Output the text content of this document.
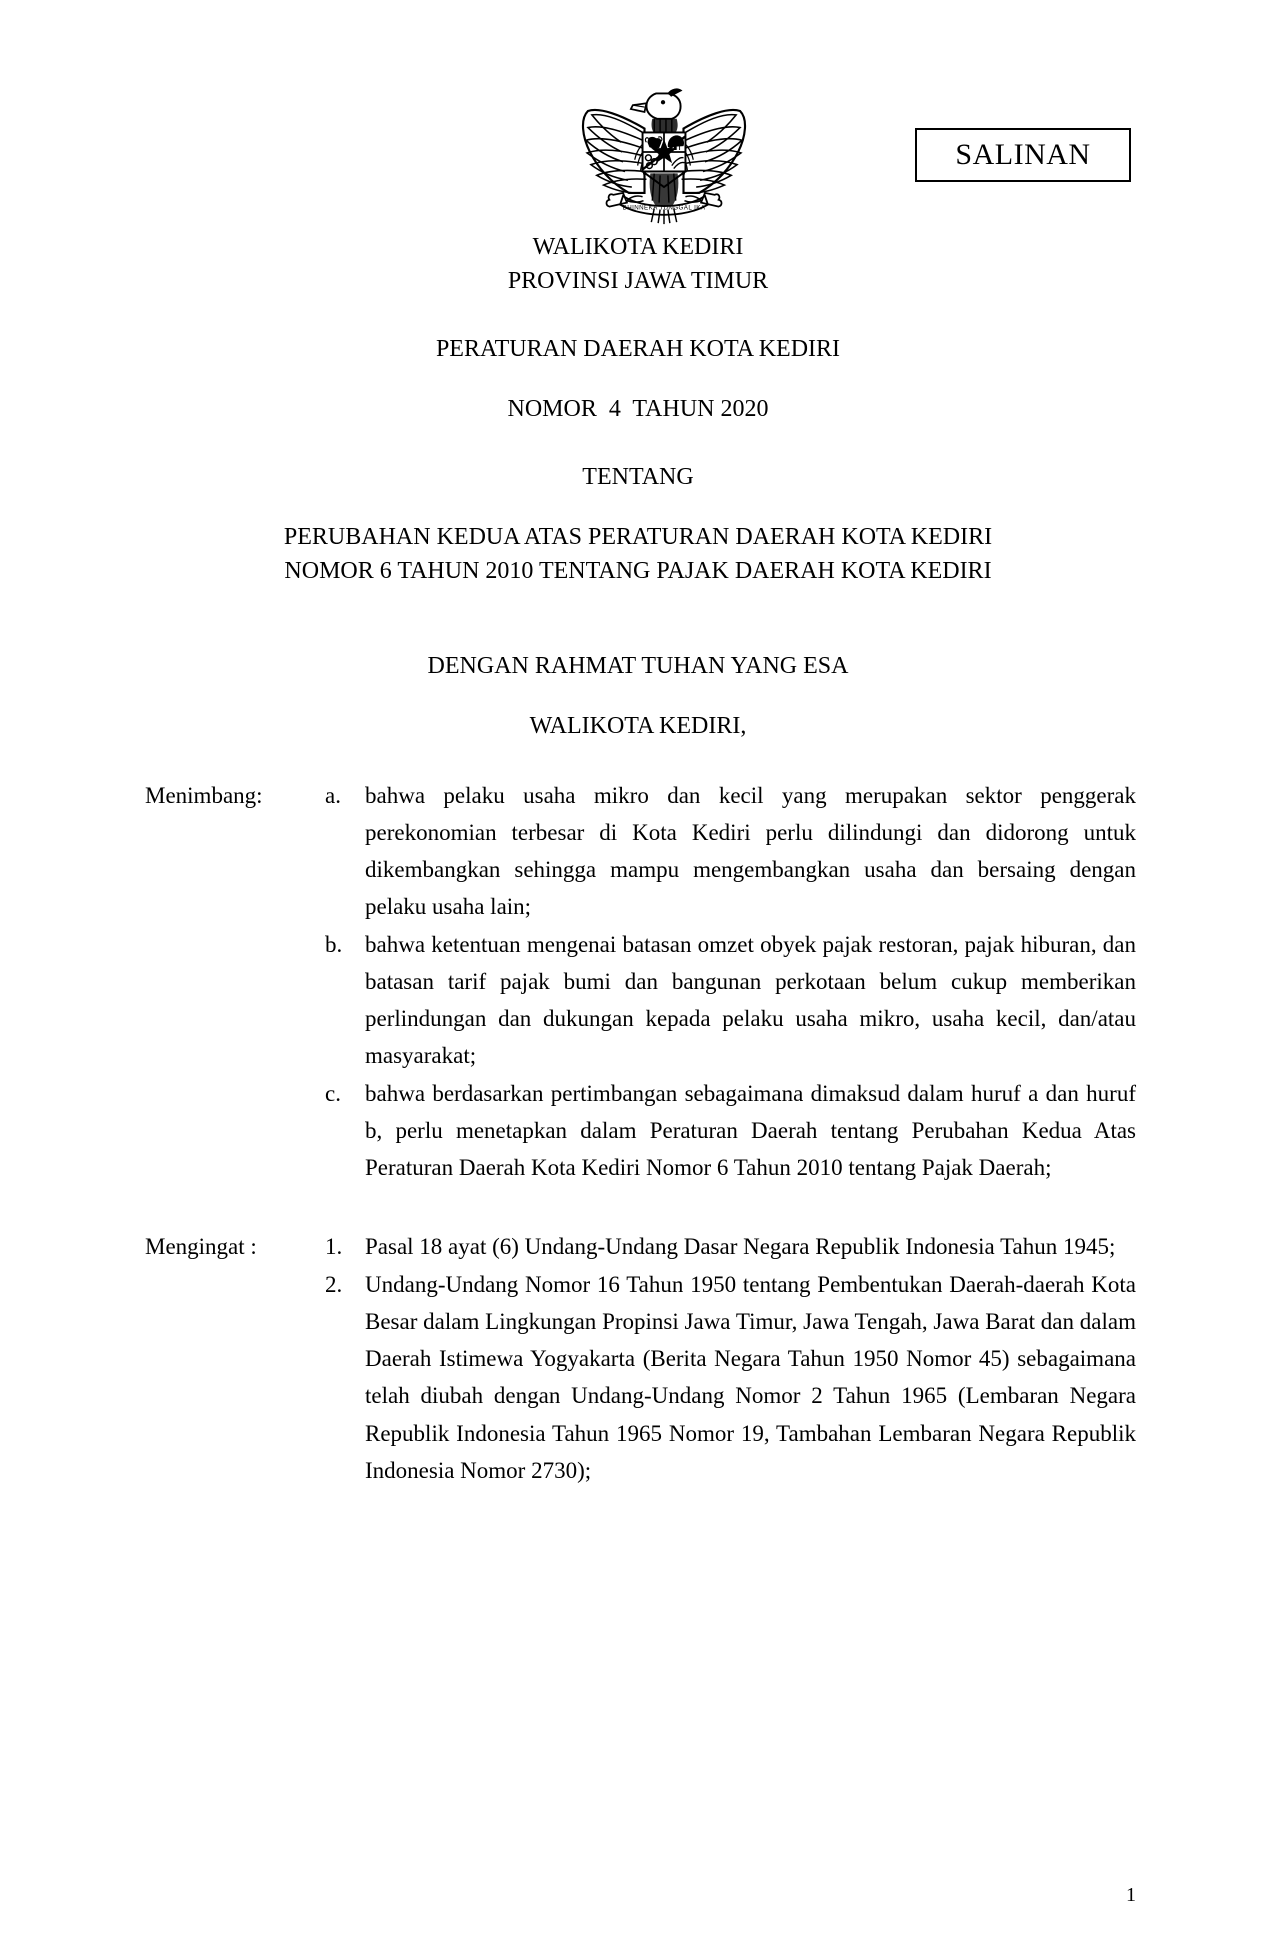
BHINNEKA TUNGGAL IKA
SALINAN
WALIKOTA KEDIRI
PROVINSI JAWA TIMUR
PERATURAN DAERAH KOTA KEDIRI
NOMOR  4  TAHUN 2020
TENTANG
PERUBAHAN KEDUA ATAS PERATURAN DAERAH KOTA KEDIRI
NOMOR 6 TAHUN 2010 TENTANG PAJAK DAERAH KOTA KEDIRI
DENGAN RAHMAT TUHAN YANG ESA
WALIKOTA KEDIRI,
Menimbang:	a.	bahwa pelaku usaha mikro dan kecil yang merupakan sektor penggerak perekonomian terbesar di Kota Kediri perlu dilindungi dan didorong untuk dikembangkan sehingga mampu mengembangkan usaha dan bersaing dengan pelaku usaha lain;
b. bahwa ketentuan mengenai batasan omzet obyek pajak restoran, pajak hiburan, dan batasan tarif pajak bumi dan bangunan perkotaan belum cukup memberikan perlindungan dan dukungan kepada pelaku usaha mikro, usaha kecil, dan/atau masyarakat;
c.	bahwa berdasarkan pertimbangan sebagaimana dimaksud dalam huruf a dan huruf b, perlu menetapkan dalam Peraturan Daerah tentang Perubahan Kedua Atas Peraturan Daerah Kota Kediri Nomor 6 Tahun 2010 tentang Pajak Daerah;
Mengingat :	1. Pasal 18 ayat (6) Undang-Undang Dasar Negara Republik Indonesia Tahun 1945;
2. Undang-Undang Nomor 16 Tahun 1950 tentang Pembentukan Daerah-daerah Kota Besar dalam Lingkungan Propinsi Jawa Timur, Jawa Tengah, Jawa Barat dan dalam Daerah Istimewa Yogyakarta (Berita Negara Tahun 1950 Nomor 45) sebagaimana telah diubah dengan Undang-Undang Nomor 2 Tahun 1965 (Lembaran Negara Republik Indonesia Tahun 1965 Nomor 19, Tambahan Lembaran Negara Republik Indonesia Nomor 2730);
1
